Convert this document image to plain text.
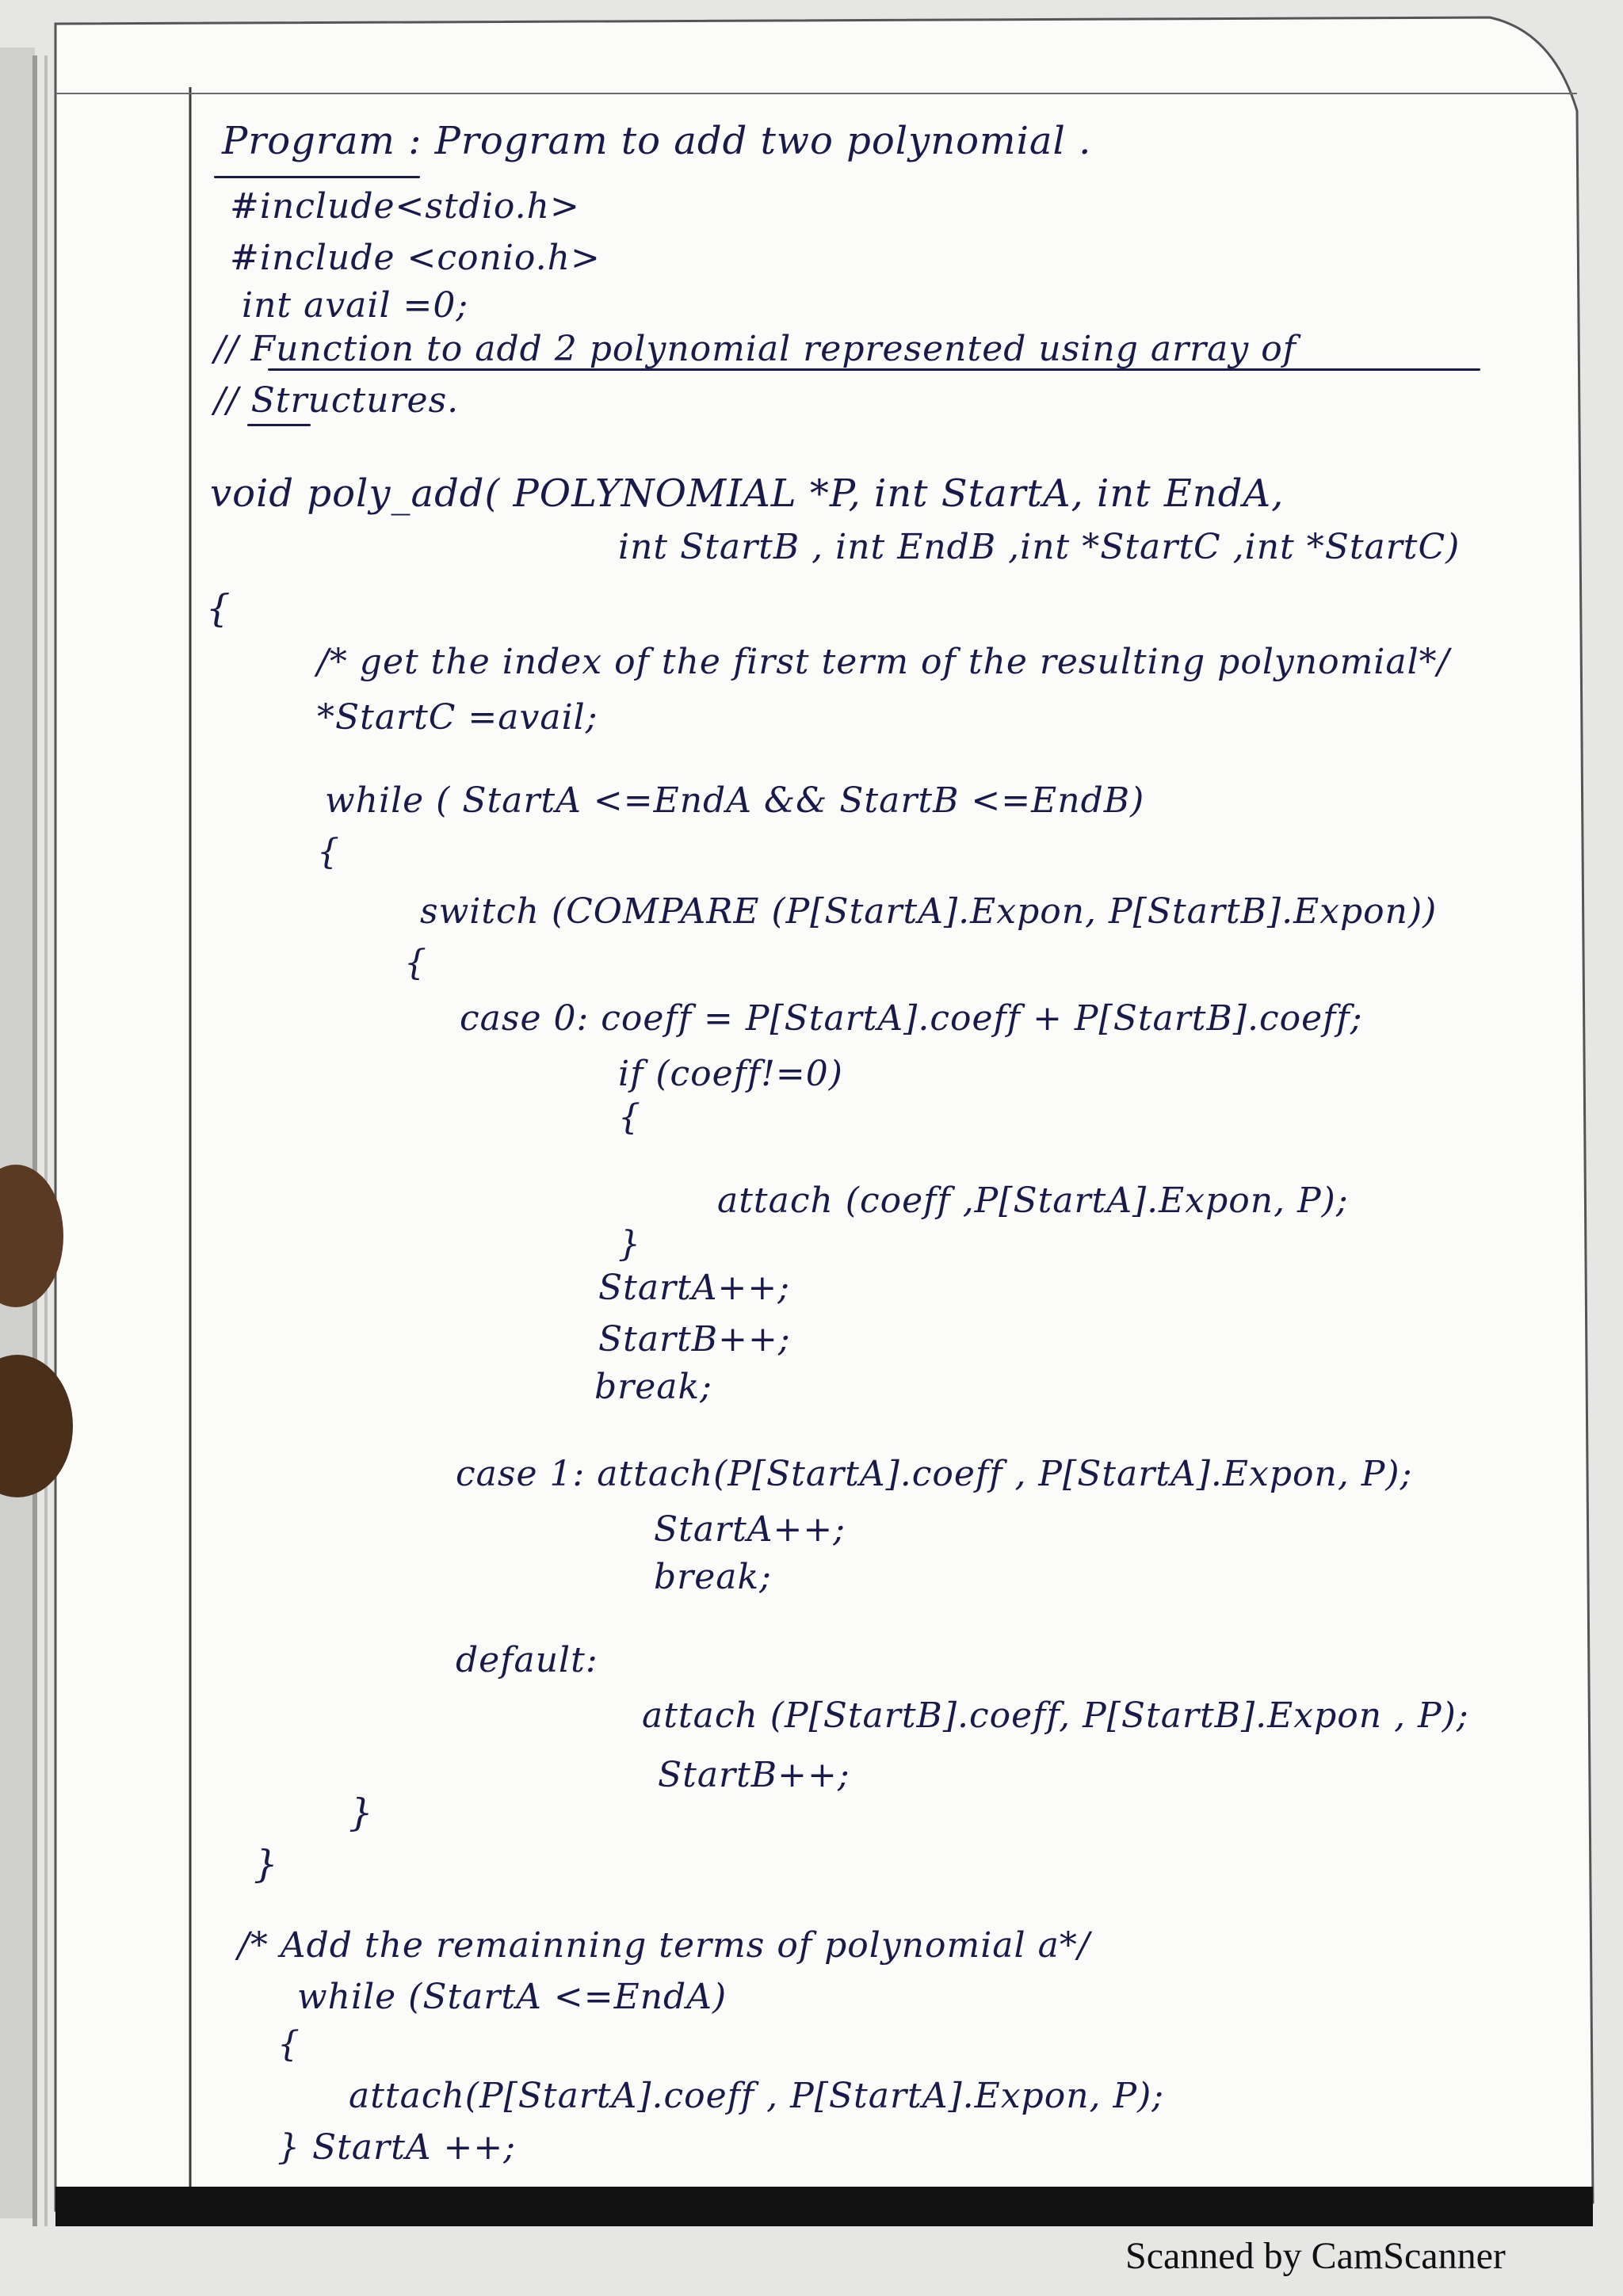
Program : Program to add two polynomial .
#include<stdio.h>
#include <conio.h>
int avail =0;
// Function to add 2 polynomial represented using array of
// Structures.
void poly_add( POLYNOMIAL *P, int StartA, int EndA,
int StartB , int EndB ,int *StartC ,int *StartC)
{
/* get the index of the first term of the resulting polynomial*/
*StartC =avail;
while ( StartA <=EndA && StartB <=EndB)
{
switch (COMPARE (P[StartA].Expon, P[StartB].Expon))
{
case 0: coeff = P[StartA].coeff + P[StartB].coeff;
if (coeff!=0)
{
attach (coeff ,P[StartA].Expon, P);
}
StartA++;
StartB++;
break;
case 1: attach(P[StartA].coeff , P[StartA].Expon, P);
StartA++;
break;
default:
attach (P[StartB].coeff, P[StartB].Expon , P);
StartB++;
}
}
/* Add the remainning terms of polynomial a*/
while (StartA <=EndA)
{
attach(P[StartA].coeff , P[StartA].Expon, P);
} StartA ++;
Scanned by CamScanner
